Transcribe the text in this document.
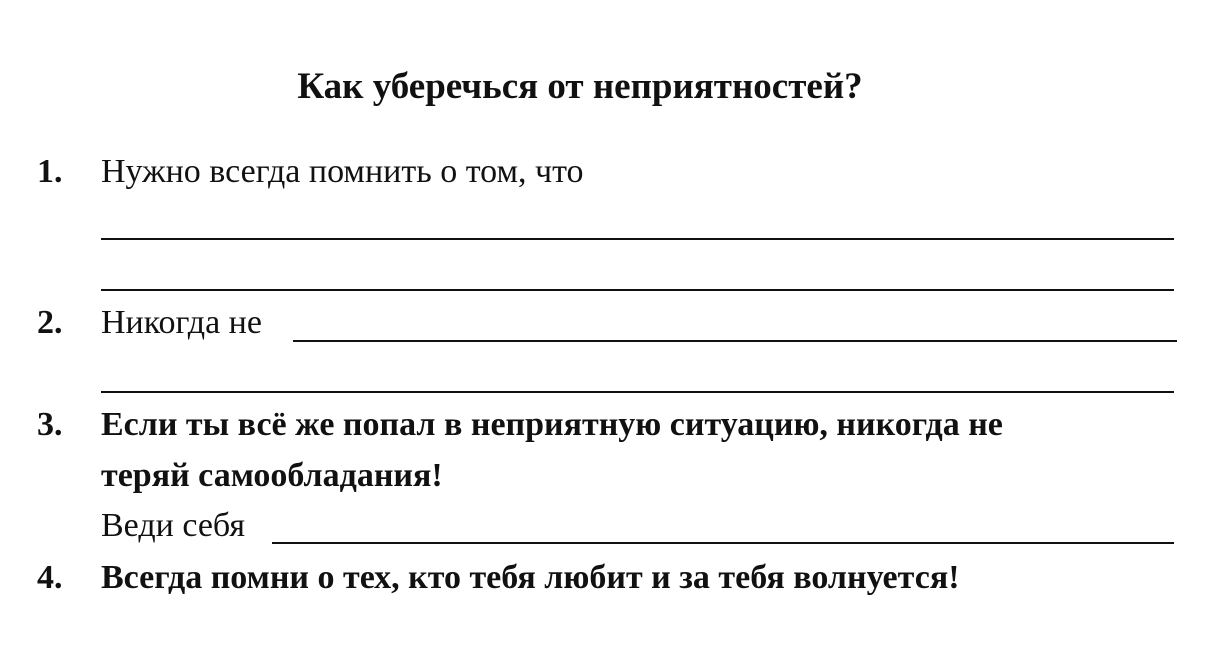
Как уберечься от неприятностей?
1. Нужно всегда помнить о том, что
2. Никогда не
3. Если ты всё же попал в неприятную ситуацию, никогда не
теряй самообладания!
Веди себя
4. Всегда помни о тех, кто тебя любит и за тебя волнуется!
